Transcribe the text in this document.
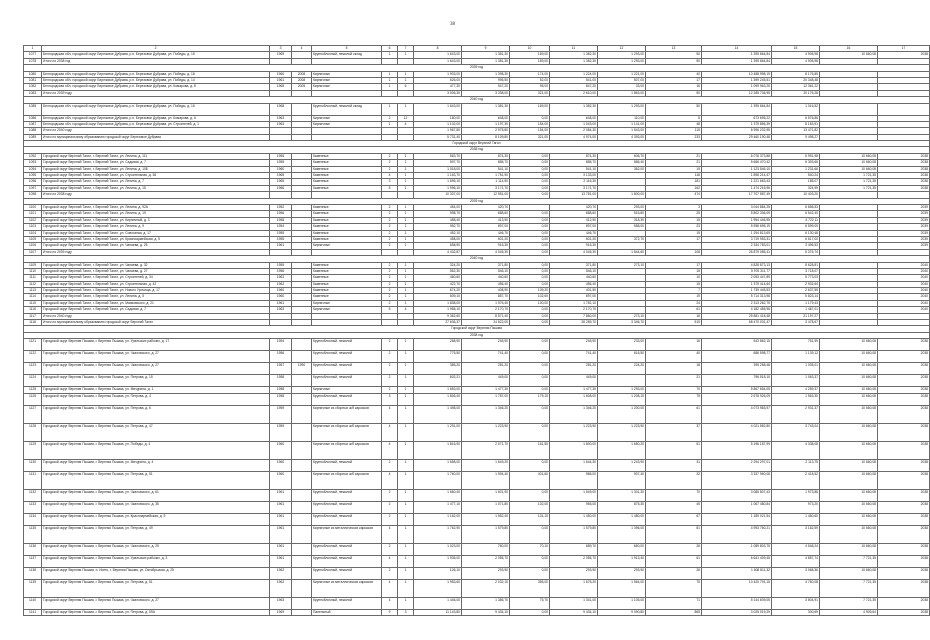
38
1	2	3	4	5	6	7	8	9	10	11	12	13	14	15	16	17
1077	Белгородская обл, городской округ Березовое Дубрава, р.п. Березовое Дубрава, ул. Победы, д. 1б	1969		Крупноблочный, нежилой склад	1	1	1 643,00	1 381,30	169,00	1 382,30	1 293,00	50	1 395 664,84	4 905,98	10 660,08	2038
1078	Итого по 2038 год						1 643,00	1 381,30	169,00	1 382,30	1 293,00	50	1 395 664,84	4 905,98		
2039 год																
1080	Белгородская обл, городской округ Березовое Дубрава, р.п. Березовое Дубрава, ул. Победы, д. 18	1960	2008	Кирпичные	1	1	1 903,00	1 398,30	174,00	1 224,00	1 221,00	40	10 488 998,19	8 176,85		
1081	Белгородская обл, городской округ Березовое Дубрава, р.п. Березовое Дубрава, ул. Победы, д. 14	1961	2008	Кирпичные	1	1	626,00	995,50	52,00	541,00	507,00	17	1 399 245,51	20 348,48		
1082	Белгородская обл, городской округ Березовое Дубрава, р.п. Березовое Дубрава, ул. Комарова, д. 8	1965	2005	Кирпичные	1	6	477,30	947,20	95,00	847,20	33,00	16	1 099 963,25	12 361,22		
1083	Итого по 2039 году						3 006,30	3 338,00	321,00	2 610,00	1 863,00	50	12 285 736,95	20 176,28		
2040 год																
1085	Белгородская обл, городской округ Березовое Дубрава, р.п. Березовое Дубрава, ул. Победы, д. 16	1968		Крупноблочный, нежилой склад	1	1	1 643,00	1 381,30	169,00	1 382,30	1 293,00	50	1 395 664,84	1 016,52		
1086	Белгородская обл, городской округ Березовое Дубрава, р.п. Березовое Дубрава, ул. Комарова, д. 6	1963		Кирпичные	2	12	180,00	648,00	0,00	648,00	110,00	5	673 695,22	6 576,86		
1087	Белгородская обл, городской округ Березовое Дубрава, р.п. Березовое Дубрава, ул. Строителей, д. 1	1963		Кирпичные	1	4	1 102,00	1 197,30	154,00	1 043,00	1 141,00	48	1 379 856,39	8 163,91		
1088	Итого по 2040 году						1 967,80	2 975,80	154,00	2 084,30	1 543,00	115	6 996 232,95	13 471,82		
1089	Итого по муниципальному образованию городской округ Березовое Дубрава						5 731,40	8 109,80	321,00	4 974,00	4 393,00	233	29 460 190,48	9 498,27		
Городской округ Верхний Тагил																
2038 год																
1092	Городской округ Верхний Тагил, г. Верхний Тагил, ул. Ленина, д. 111	1955		Каменные	2	1	563,70	874,30	0,00	874,30	606,70	21	6 076 373,88	6 991,98	10 660,08	2038
1093	Городской округ Верхний Тагил, г. Верхний Тагил, ул. Садовая, д. 7	1955		Каменные	2	1	597,70	885,70	0,00	885,70	586,40	21	5 666 470,42	6 393,66	10 660,08	2038
1094	Городской округ Верхний Тагил, г. Верхний Тагил, ул. Ленина, д. 10Б	1960		Каменные	2	1	1 018,00	541,10	0,00	541,10	362,00	19	1 123 546,10	1 231,66	10 660,08	2038
1095	Городской округ Верхний Тагил, г. Верхний Тагил, ул. Строительная, д. 36	1965		Каменные	4	1	1 163,70	1 751,90	0,00	3 133,00		118	1 898 214,47	540,24	1 721,35	2038
1096	Городской округ Верхний Тагил, г. Верхний Тагил, ул. Ленина, д. 7	1965		Каменные	3	1	1 695,10	1 114,50	0,00	2 116,30		181	1 221 663,43	185,07	1 721,35	2038
1097	Городской округ Верхний Тагил, г. Верхний Тагил, ул. Ленина, д. 15	1966		Каменные	5	1	1 996,10	3 171,70	0,00	3 171,70		162	1 474 216,96	324,99	1 721,35	2038
1098	Итого по 2038 году						10 337,00	12 551,00	0,00	13 781,00	1 800,00	474	17 707 587,49	10 403,20		
2039 год																
1100	Городской округ Верхний Тагил, г. Верхний Тагил, ул. Ленина, д. 92А	1952		Каменные	2	1	454,00	420,70		420,70	293,00	3	3 044 884,25	6 656,53		2039
1101	Городской округ Верхний Тагил, г. Верхний Тагил, ул. Ленина, д. 19	1956		Каменные	2	1	998,70	888,60	0,00	888,60	516,80	25	5 802 336,09	6 542,40		2039
1102	Городской округ Верхний Тагил, г. Верхний Тагил, ул. Кирпичный, д. 3	1958		Каменные	2	1	458,40	413,90	0,00	412,90	318,30	15	1 954 446,95	4 722,11		2039
1103	Городской округ Верхний Тагил, г. Верхний Тагил, ул. Ленина, д. 9	1954		Каменные	2	1	952,70	897,00	0,00	897,00	558,00	23	5 958 695,19	6 599,09		2039
1104	Городской округ Верхний Тагил, г. Верхний Тагил, ул. Совхозная, д. 17	1955		Каменные	2	1	452,10	446,70	0,00	446,70		19	1 294 813,69	6 130,48		2039
1105	Городской округ Верхний Тагил, г. Верхний Тагил, ул. Красноармейская, д. 5	1955		Каменные	2	1	458,00	601,20	0,00	601,20	372,70	17	3 719 953,31	6 617,00		2039
1106	Городской округ Верхний Тагил, г. Верхний Тагил, ул. Чапаева, д. 25	1961		Кирпичные	2	1	658,90	916,30	0,00	916,30			2 334 783,01	3 496,53		2039
1107	Итого по 2039 году						4 432,87	4 045,30	0,00	4 045,30	1 844,60	108	26 879 085,41	6 376,74		
2040 год																
1109	Городской округ Верхний Тагил, г. Верхний Тагил, ул. Чапаева, д. 32	1955		Каменные	2	1	324,20	371,80	0,00	371,80	273,10	17	4 828 873,13	8 628,81		2040
1110	Городской округ Верхний Тагил, г. Верхний Тагил, ул. Чапаева, д. 27	1956		Каменные	2	1	562,30	546,10	0,00	546,10		15	5 976 311,77	3 718,07		2040
1111	Городской округ Верхний Тагил, г. Верхний Тагил, ул. Строителей, д. 34	1962		Каменные	2	1	460,60	440,60	0,00	440,60		10	2 053 447,89	5 773,03		2040
1112	Городской округ Верхний Тагил, г. Верхний Тагил, ул. Строительная, д. 42	1962		Каменные	2	1	422,70	456,40	0,00	456,40		15	1 379 414,64	2 932,64		2040
1113	Городской округ Верхний Тагил, г. Верхний Тагил, ул. Нового Урочища, д. 17	1960		Каменные	2	1	674,20	408,90	109,20	401,50		7	1 739 445,53	2 637,55		2040
1114	Городской округ Верхний Тагил, г. Верхний Тагил, ул. Ленина, д. 5	1960		Каменные	2	1	609,10	857,70	102,60	897,00		19	5 714 313,98	5 823,14		2040
1115	Городской округ Верхний Тагил, г. Верхний Тагил, ул. Маяковского, д. 21	1961		Кирпичные	2	1	1 838,00	1 976,40	100,00	1 781,10		24	2 313 262,75	1 179,43		2040
1116	Городской округ Верхний Тагил, г. Верхний Тагил, ул. Садовая, д. 7	1963		Кирпичные	5	4	1 958,10	2 170,70	0,00	2 170,70		61	4 182 455,96	1 467,01		2040
1117	Итого по 2040 году						9 362,60	8 571,40	0,00	7 860,00	273,10	16	25 881 418,48	21 197,27		
1118	Итого по муниципальному образованию городской округ Верхний Тагил						27 636,37	24 822,00	0,00	28 289,70	3 346,70	519	68 470 031,47	3 478,67		
Городской округ Верхняя Пышма																
2038 год																
1121	Городской округ Верхняя Пышма, г. Верхняя Пышма, ул. Уральских рабочих, д. 17	1954		Крупноблочный, нежилой	2	1	268,90	245,90	0,00	245,90	233,00	16	543 862,15	751,59	10 660,08	2038
1122	Городской округ Верхняя Пышма, г. Верхняя Пышма, ул. Чкаловского, д. 27	1956		Крупноблочный, нежилой	2	1	775,50	741,40	0,00	741,40	616,50	40	686 598,77	1 139,12	10 660,08	2038
1123	Городской округ Верхняя Пышма, г. Верхняя Пышма, ул. Чкаловского, д. 27	1957	1990	Крупноблочный, нежилой	2	1	385,20	281,20	0,00	281,20	224,20	18	395 258,48	1 035,01	10 660,08	2038
1124	Городской округ Верхняя Пышма, г. Верхняя Пышма, ул. Петрова, д. 15	1958		Крупноблочный, нежилой	2	1	602,21	449,00	0,00	449,00		21	796 518,10	1 063,37	10 660,08	2038
1125	Городской округ Верхняя Пышма, г. Верхняя Пышма, ул. Мичурина, д. 1	1958		Кирпичные	2	1	1 653,00	1 477,30	0,00	1 477,30	1 293,00	70	5 867 654,05	4 259,37	10 660,08	2038
1126	Городской округ Верхняя Пышма, г. Верхняя Пышма, ул. Петрова, д. 4	1958		Крупноблочный, нежилой	3	1	1 806,40	1 787,00	179,10	1 608,00	1 208,10	75	2 678 926,09	1 563,30	10 660,08	2038
1127	Городской округ Верхняя Пышма, г. Верхняя Пышма, ул. Петрова, д. 6	1959		Кирпичные из сборных ж/б каркасов	4	1	1 498,00	1 346,20	0,00	1 346,20	1 200,00	61	4 073 983,97	2 931,37	10 660,08	2038
1128	Городской округ Верхняя Пышма, г. Верхняя Пышма, ул. Петрова, д. 47	1959		Кирпичные из сборных ж/б каркасов	4	1	1 291,00	1 223,90	0,00	1 223,90	1 223,90	37	4 021 582,80	3 743,04	10 660,08	2038
1129	Городской округ Верхняя Пышма, г. Верхняя Пышма, ул. Победы, д. 4	1960		Кирпичные из сборных ж/б каркасов	4	1	1 816,90	2 071,70	161,50	1 800,00	1 650,20	51	5 196 187,99	4 338,08	10 660,08	2038
1130	Городской округ Верхняя Пышма, г. Верхняя Пышма, ул. Мичурина, д. 4	1960		Крупноблочный, нежилой	2	1	1 658,00	1 649,20	0,00	1 644,30	1 243,90	31	2 294 297,01	2 113,75	10 660,08	2038
1131	Городской округ Верхняя Пышма, г. Верхняя Пышма, ул. Петрова, д. 51	1960		Кирпичные из сборных ж/б каркасов	4	1	1 760,00	1 594,40	401,60	986,00	907,40	22	3 337 960,08	2 418,52	10 660,08	2038
1132	Городской округ Верхняя Пышма, г. Верхняя Пышма, ул. Чкаловского, д. 61	1961		Крупноблочный, нежилой	2	1	1 660,40	1 601,90	0,00	1 549,00	1 301,30	70	3 086 807,43	1 973,86	10 660,08	2038
1133	Городской округ Верхняя Пышма, г. Верхняя Пышма, ул. Чкаловского, д. 35	1961		Крупноблочный, нежилой	2	1	1 477,10	1 071,80	102,00	955,00	875,30	45	1 067 480,84	973,20	10 660,08	2038
1134	Городской округ Верхняя Пышма, г. Верхняя Пышма, ул. Красноармейская, д. 9	1961		Крупноблочный, нежилой	2	1	1 162,00	1 552,40	101,10	1 450,00	1 480,00	67	1 189 021,54	1 460,60	10 660,08	2038
1135	Городской округ Верхняя Пышма, г. Верхняя Пышма, ул. Петрова, д. 49	1961		Кирпичные из металлических каркасов	4	1	1 762,90	1 579,80	0,00	1 579,80	1 396,00	81	4 993 760,21	3 162,59	10 660,08	2038
1136	Городской округ Верхняя Пышма, г. Верхняя Пышма, ул. Чкаловского, д. 25	1961		Крупноблочный, нежилой	2	1	1 023,00	760,00	70,10	689,70	660,00	26	1 089 803,75	4 548,24	10 660,08	2038
1137	Городской округ Верхняя Пышма, г. Верхняя Пышма, ул. Уральских рабочих, д. 3	1961		Крупноблочный, нежилой	4	1	1 935,00	2 055,70	0,00	2 055,70	1 913,40	61	6 641 409,45	4 857,74	7 721,35	2038
1138	Городской округ Верхняя Пышма, п. Исеть, г. Верхняя Пышма, ул. Октябрьская, д. 25	1962		Крупноблочный, нежилой	2	1	126,10	293,90	0,00	293,90	293,90	26	1 608 811,32	3 068,36	10 660,08	2038
1139	Городской округ Верхняя Пышма, г. Верхняя Пышма, ул. Петрова, д. 51	1962		Кирпичные из металлических каркасов	4	1	1 983,60	2 032,10	355,00	1 676,20	1 564,00	75	10 420 791,15	4 760,08	7 721,35	2038
1140	Городской округ Верхняя Пышма, г. Верхняя Пышма, ул. Чкаловского, д. 27	1963		Крупноблочный, нежилой	4	1	1 446,00	1 386,70	75,70	1 341,00	1 105,00	71	5 144 609,05	3 804,91	7 721,35	2038
1141	Городской округ Верхняя Пышма, г. Верхняя Пышма, ул. Петрова, д. 59А	1969		Панельный	9	3	11 143,80	9 434,10	0,00	9 434,10	9 090,80	865	3 025 019,29	300,69	4 909,64	2038
